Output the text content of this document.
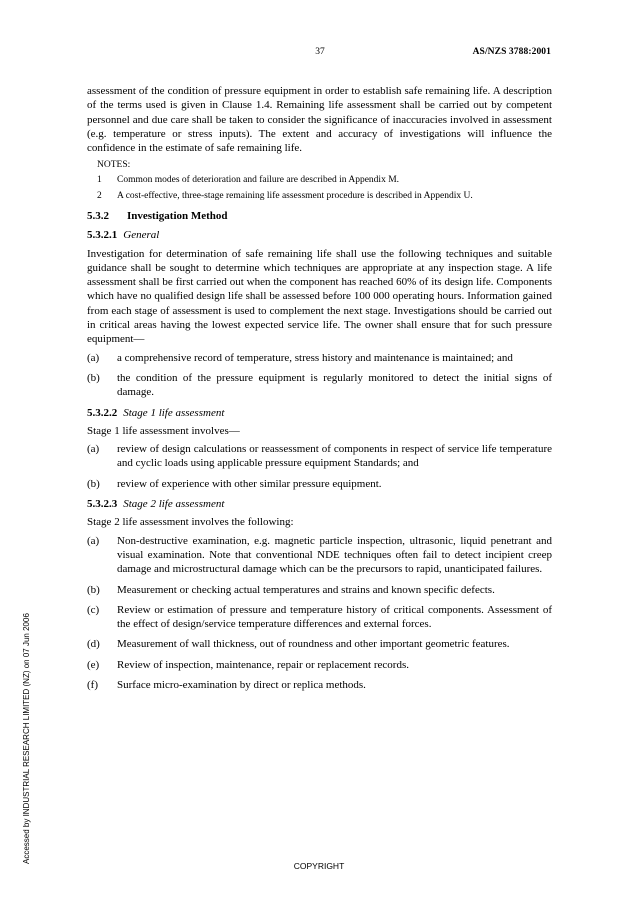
37	AS/NZS 3788:2001

assessment of the condition of pressure equipment in order to establish safe remaining life. A description of the terms used is given in Clause 1.4. Remaining life assessment shall be carried out by competent personnel and due care shall be taken to consider the significance of inaccuracies involved in assessment (e.g. temperature or stress inputs). The extent and accuracy of investigations will influence the confidence in the estimate of safe remaining life.

NOTES:
1	Common modes of deterioration and failure are described in Appendix M.
2	A cost-effective, three-stage remaining life assessment procedure is described in Appendix U.
5.3.2 Investigation Method
5.3.2.1 General

Investigation for determination of safe remaining life shall use the following techniques and suitable guidance shall be sought to determine which techniques are appropriate at any inspection stage. A life assessment shall be first carried out when the component has reached 60% of its design life. Components which have no qualified design life shall be assessed before 100 000 operating hours. Information gained from each stage of assessment is used to complement the next stage. Investigations should be carried out in critical areas having the lowest expected service life. The owner shall ensure that for such pressure equipment—

(a)	a comprehensive record of temperature, stress history and maintenance is maintained; and
(b)	the condition of the pressure equipment is regularly monitored to detect the initial signs of damage.
5.3.2.2 Stage 1 life assessment

Stage 1 life assessment involves—

(a)	review of design calculations or reassessment of components in respect of service life temperature and cyclic loads using applicable pressure equipment Standards; and
(b)	review of experience with other similar pressure equipment.
5.3.2.3 Stage 2 life assessment

Stage 2 life assessment involves the following:

(a)	Non-destructive examination, e.g. magnetic particle inspection, ultrasonic, liquid penetrant and visual examination. Note that conventional NDE techniques often fail to detect incipient creep damage and microstructural damage which can be the precursors to rapid, unanticipated failures.
(b)	Measurement or checking actual temperatures and strains and known specific defects.
(c)	Review or estimation of pressure and temperature history of critical components. Assessment of the effect of design/service temperature differences and external forces.
(d)	Measurement of wall thickness, out of roundness and other important geometric features.
(e)	Review of inspection, maintenance, repair or replacement records.
(f)	Surface micro-examination by direct or replica methods.
Accessed by INDUSTRIAL RESEARCH LIMITED (NZ) on 07 Jun 2006
COPYRIGHT
